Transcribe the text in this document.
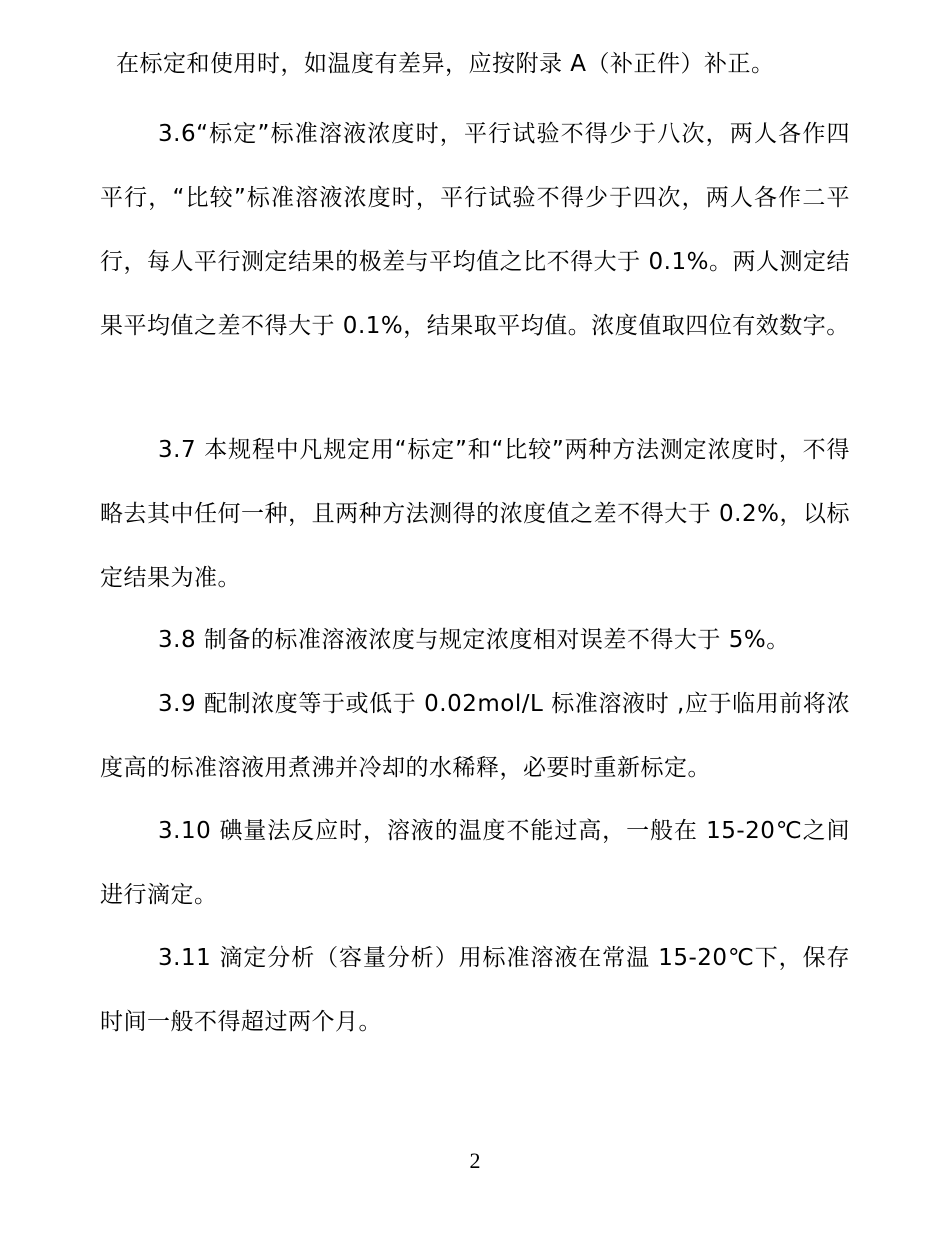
在标定和使用时，如温度有差异，应按附录 A（补正件）补正。

3.6“标定”标准溶液浓度时，平行试验不得少于八次，两人各作四平行，“比较”标准溶液浓度时，平行试验不得少于四次，两人各作二平行，每人平行测定结果的极差与平均值之比不得大于 0.1%。两人测定结果平均值之差不得大于 0.1%，结果取平均值。浓度值取四位有效数字。

3.7 本规程中凡规定用“标定”和“比较”两种方法测定浓度时，不得略去其中任何一种，且两种方法测得的浓度值之差不得大于 0.2%，以标定结果为准。

3.8 制备的标准溶液浓度与规定浓度相对误差不得大于 5%。

3.9 配制浓度等于或低于 0.02mol/L 标准溶液时 ,应于临用前将浓度高的标准溶液用煮沸并冷却的水稀释，必要时重新标定。

3.10 碘量法反应时，溶液的温度不能过高，一般在 15-20℃之间进行滴定。

3.11 滴定分析（容量分析）用标准溶液在常温 15-20℃下，保存时间一般不得超过两个月。

2
